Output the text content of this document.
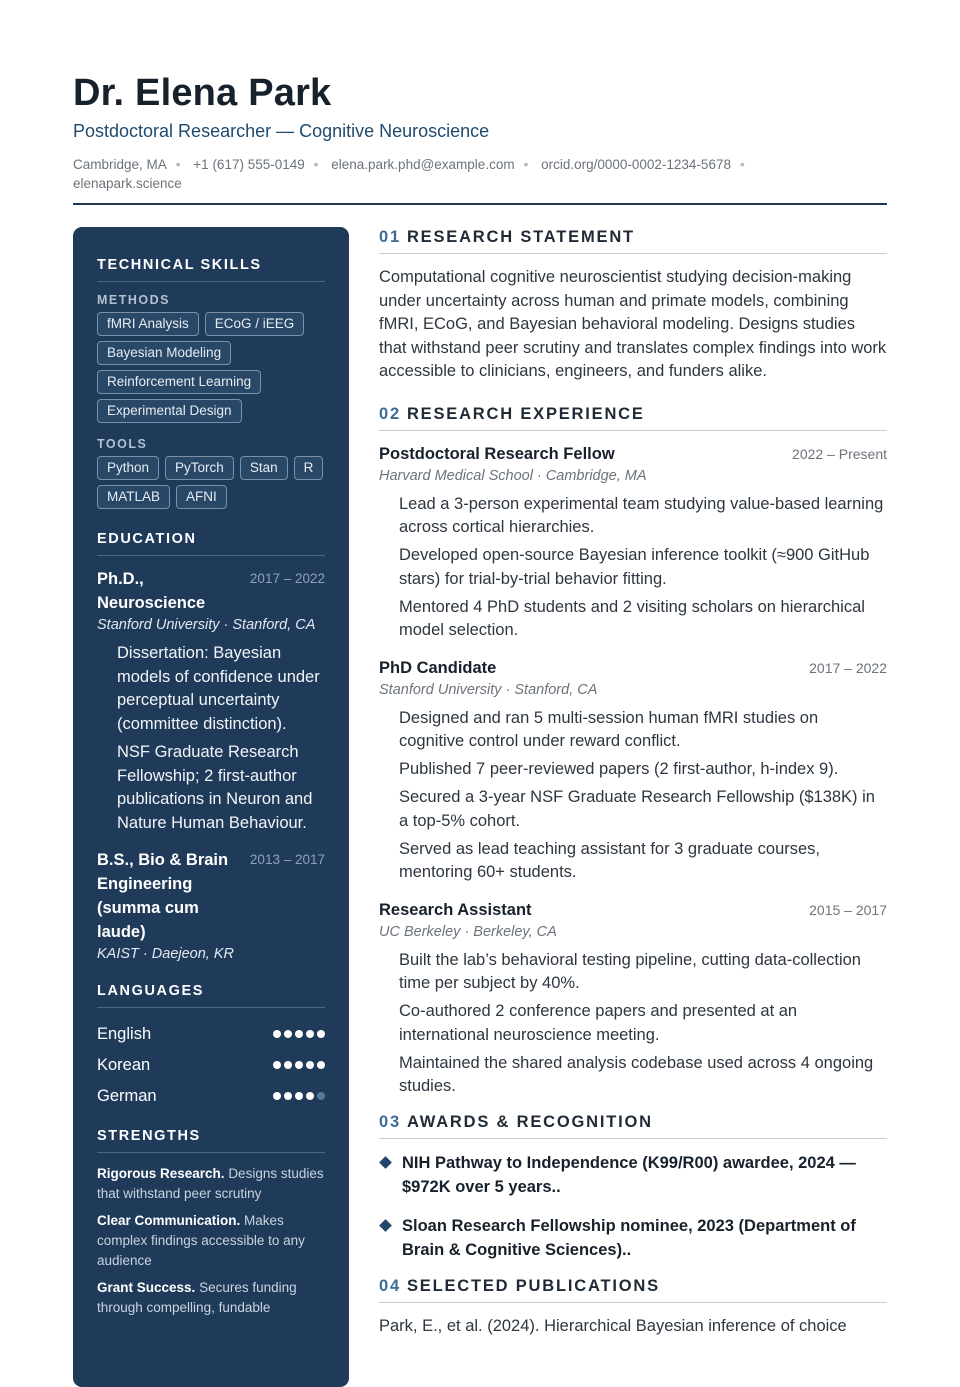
Dr. Elena Park
Postdoctoral Researcher — Cognitive Neuroscience
Cambridge, MA • +1 (617) 555-0149 • elena.park.phd@example.com • orcid.org/0000-0002-1234-5678 • elenapark.science
TECHNICAL SKILLS
METHODS
fMRI Analysis	ECoG / iEEG
Bayesian Modeling
Reinforcement Learning
Experimental Design
TOOLS
Python	PyTorch	Stan	R
MATLAB	AFNI
EDUCATION
Ph.D., Neuroscience
2017 – 2022
Stanford University · Stanford, CA
Dissertation: Bayesian models of confidence under perceptual uncertainty (committee distinction).
NSF Graduate Research Fellowship; 2 first-author publications in Neuron and Nature Human Behaviour.
B.S., Bio & Brain Engineering (summa cum laude)
2013 – 2017
KAIST · Daejeon, KR
LANGUAGES
English
Korean
German
STRENGTHS
Rigorous Research. Designs studies that withstand peer scrutiny
Clear Communication. Makes complex findings accessible to any audience
Grant Success. Secures funding through compelling, fundable
01 RESEARCH STATEMENT

Computational cognitive neuroscientist studying decision-making under uncertainty across human and primate models, combining fMRI, ECoG, and Bayesian behavioral modeling. Designs studies that withstand peer scrutiny and translates complex findings into work accessible to clinicians, engineers, and funders alike.

02 RESEARCH EXPERIENCE
Postdoctoral Research Fellow	2022 – Present
Harvard Medical School · Cambridge, MA
Lead a 3-person experimental team studying value-based learning across cortical hierarchies.
Developed open-source Bayesian inference toolkit (≈900 GitHub stars) for trial-by-trial behavior fitting.
Mentored 4 PhD students and 2 visiting scholars on hierarchical model selection.
PhD Candidate	2017 – 2022
Stanford University · Stanford, CA
Designed and ran 5 multi-session human fMRI studies on cognitive control under reward conflict.
Published 7 peer-reviewed papers (2 first-author, h-index 9).
Secured a 3-year NSF Graduate Research Fellowship ($138K) in a top-5% cohort.
Served as lead teaching assistant for 3 graduate courses, mentoring 60+ students.
Research Assistant	2015 – 2017
UC Berkeley · Berkeley, CA
Built the lab’s behavioral testing pipeline, cutting data-collection time per subject by 40%.
Co-authored 2 conference papers and presented at an international neuroscience meeting.
Maintained the shared analysis codebase used across 4 ongoing studies.
03 AWARDS & RECOGNITION
NIH Pathway to Independence (K99/R00) awardee, 2024 — $972K over 5 years..
Sloan Research Fellowship nominee, 2023 (Department of Brain & Cognitive Sciences)..
04 SELECTED PUBLICATIONS
Park, E., et al. (2024). Hierarchical Bayesian inference of choice
